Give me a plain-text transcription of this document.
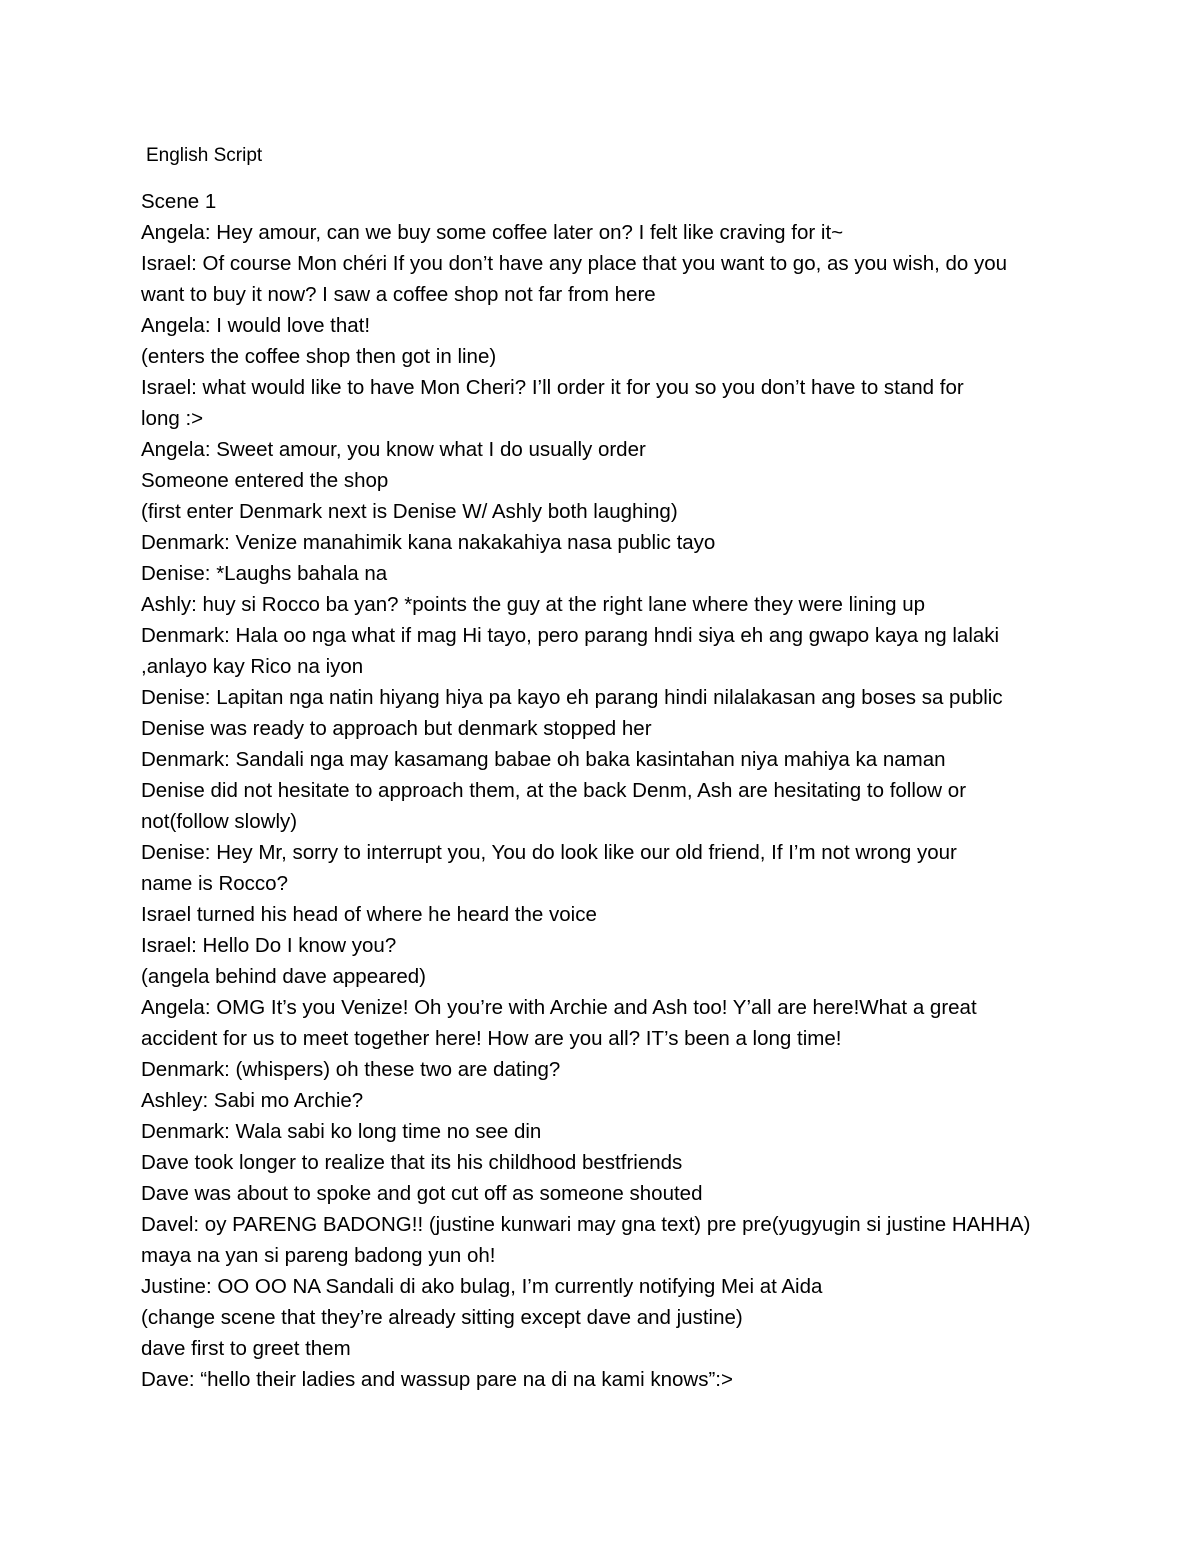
English Script
Scene 1
Angela: Hey amour, can we buy some coffee later on? I felt like craving for it~
Israel: Of course Mon chéri If you don’t have any place that you want to go, as you wish, do you
want to buy it now? I saw a coffee shop not far from here
Angela: I would love that!
(enters the coffee shop then got in line)
Israel: what would like to have Mon Cheri? I’ll order it for you so you don’t have to stand for
long :>
Angela: Sweet amour, you know what I do usually order
Someone entered the shop
(first enter Denmark next is Denise W/ Ashly both laughing)
Denmark: Venize manahimik kana nakakahiya nasa public tayo
Denise: *Laughs bahala na
Ashly: huy si Rocco ba yan? *points the guy at the right lane where they were lining up
Denmark: Hala oo nga what if mag Hi tayo, pero parang hndi siya eh ang gwapo kaya ng lalaki
,anlayo kay Rico na iyon
Denise: Lapitan nga natin hiyang hiya pa kayo eh parang hindi nilalakasan ang boses sa public
Denise was ready to approach but denmark stopped her
Denmark: Sandali nga may kasamang babae oh baka kasintahan niya mahiya ka naman
Denise did not hesitate to approach them, at the back Denm, Ash are hesitating to follow or
not(follow slowly)
Denise: Hey Mr, sorry to interrupt you, You do look like our old friend, If I’m not wrong your
name is Rocco?
Israel turned his head of where he heard the voice
Israel: Hello Do I know you?
(angela behind dave appeared)
Angela: OMG It’s you Venize! Oh you’re with Archie and Ash too! Y’all are here!What a great
accident for us to meet together here! How are you all? IT’s been a long time!
Denmark: (whispers) oh these two are dating?
Ashley: Sabi mo Archie?
Denmark: Wala sabi ko long time no see din
Dave took longer to realize that its his childhood bestfriends
Dave was about to spoke and got cut off as someone shouted
Davel: oy PARENG BADONG!! (justine kunwari may gna text) pre pre(yugyugin si justine HAHHA)
maya na yan si pareng badong yun oh!
Justine: OO OO NA Sandali di ako bulag, I’m currently notifying Mei at Aida
(change scene that they’re already sitting except dave and justine)
dave first to greet them
Dave: “hello their ladies and wassup pare na di na kami knows”:>
